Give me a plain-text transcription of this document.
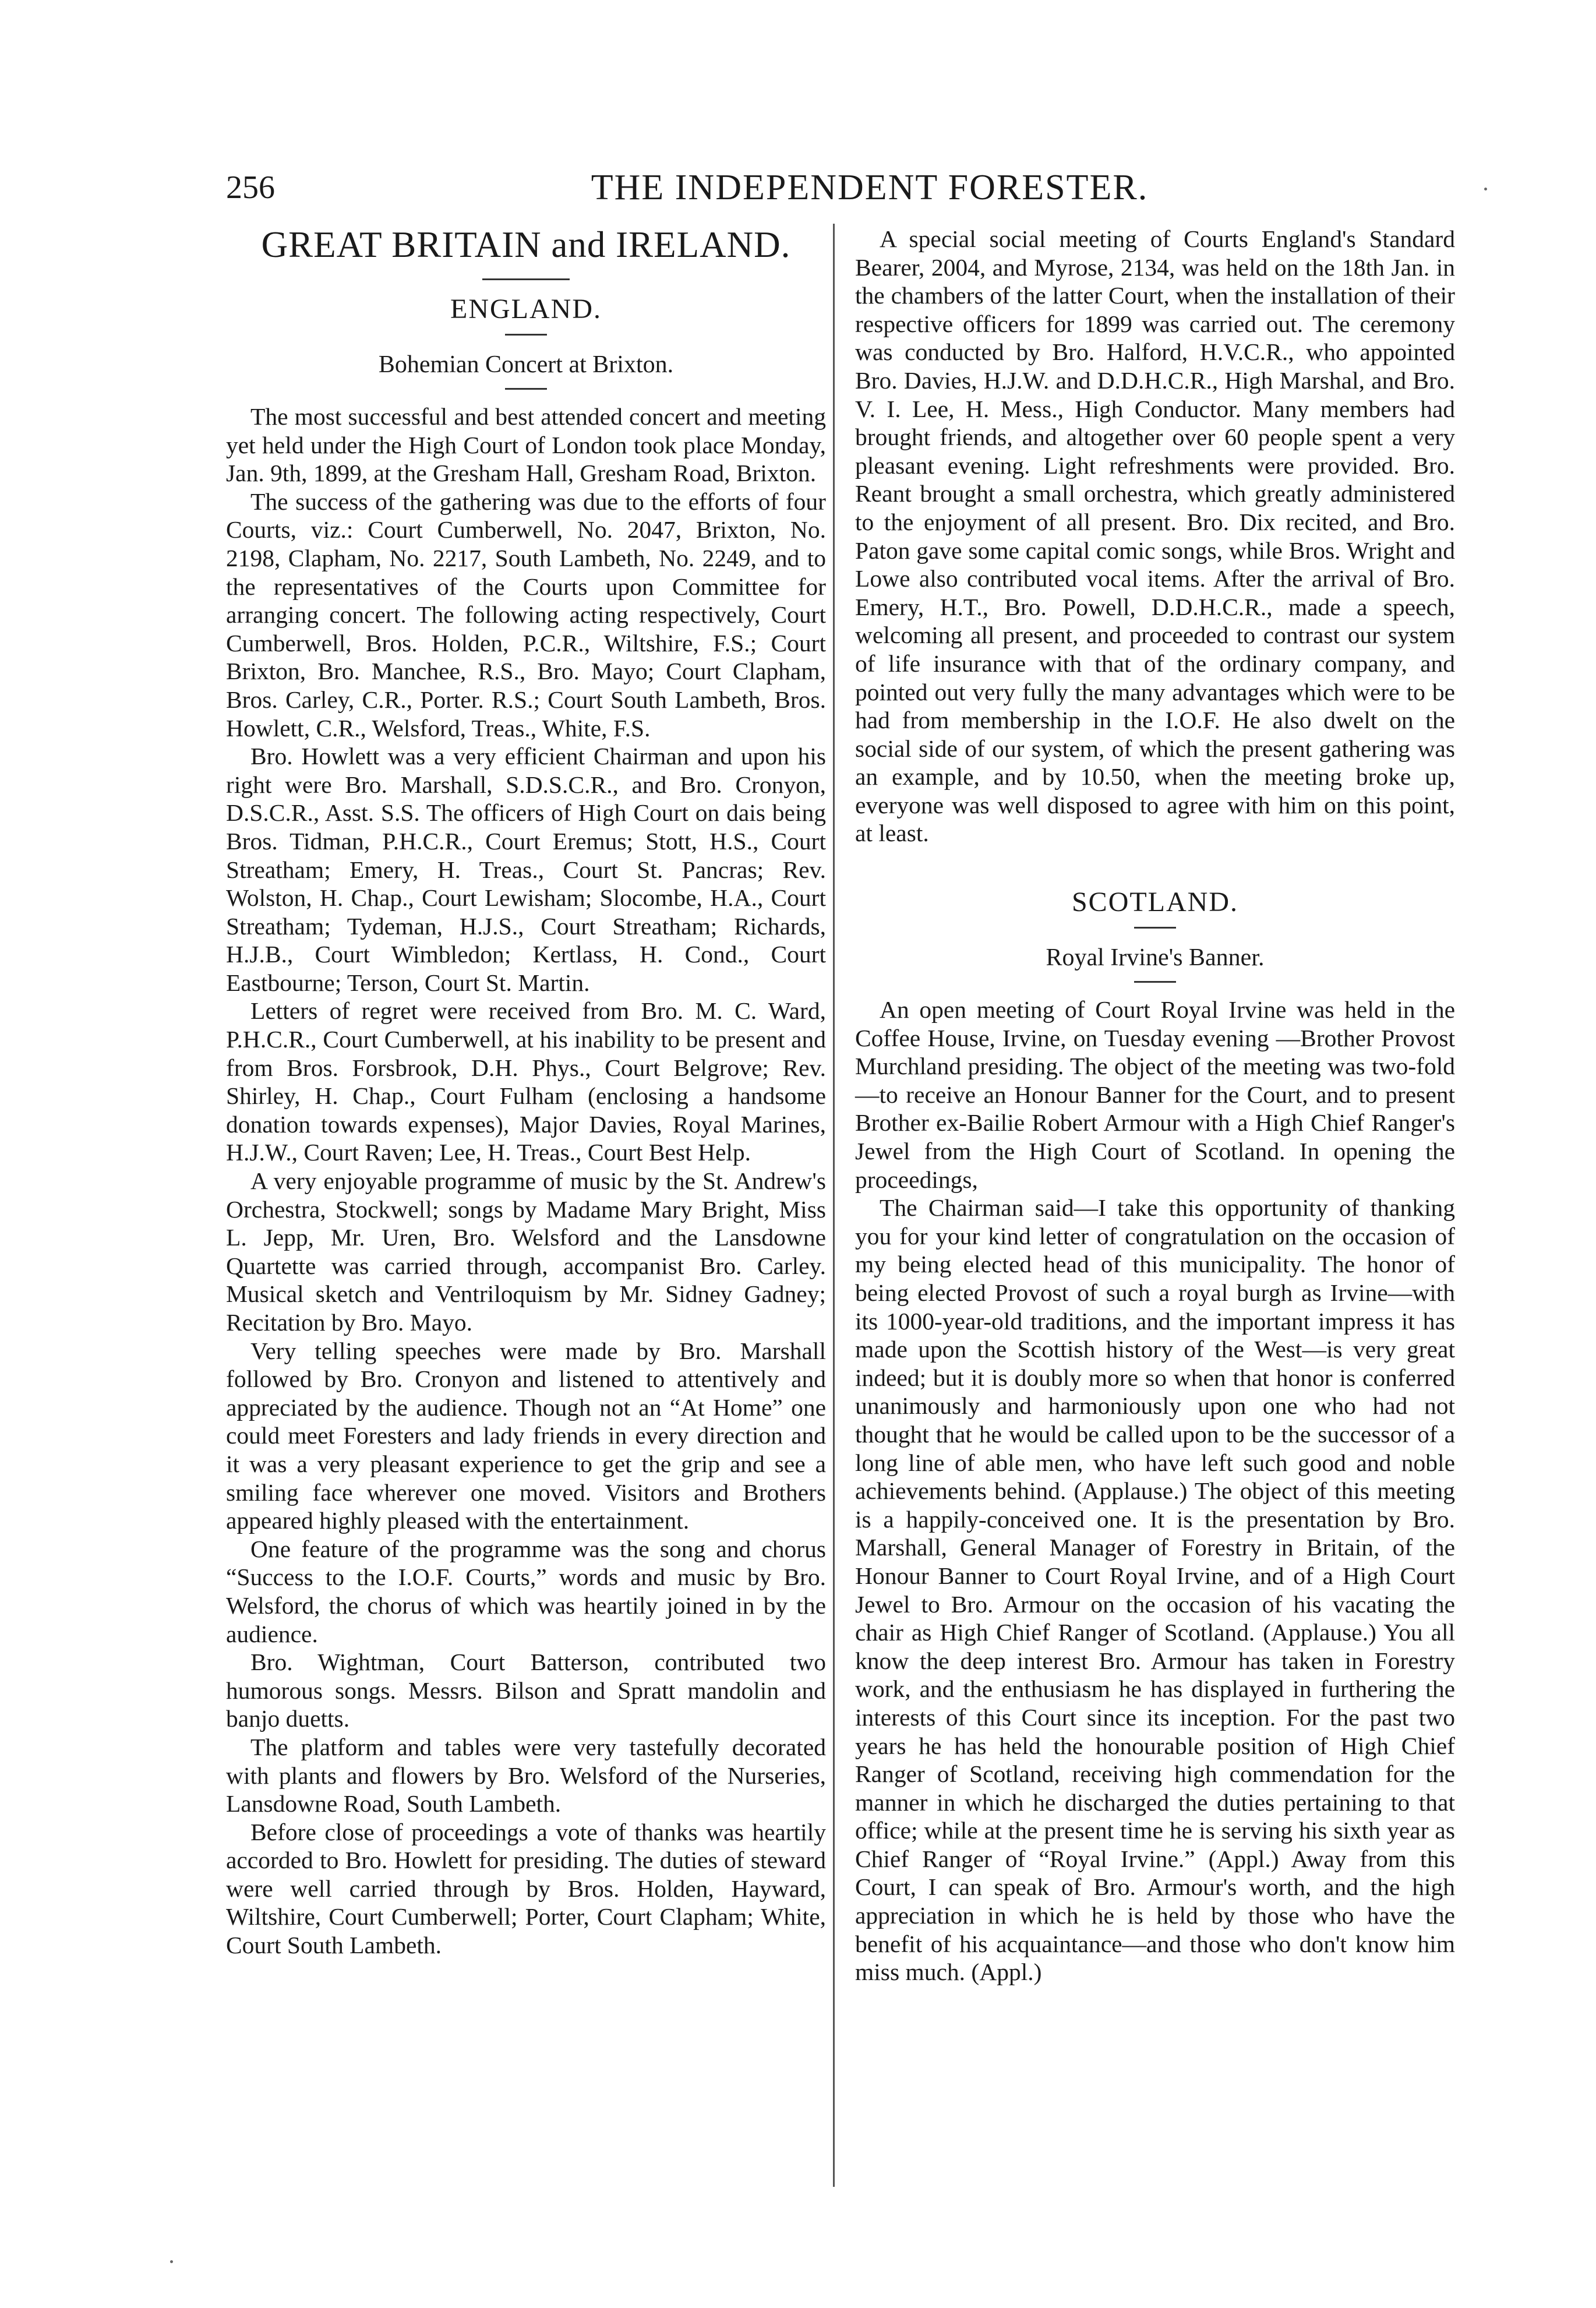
256	THE INDEPENDENT FORESTER.
GREAT BRITAIN and IRELAND.
ENGLAND.
Bohemian Concert at Brixton.

The most successful and best attended concert and meeting yet held under the High Court of London took place Monday, Jan. 9th, 1899, at the Gresham Hall, Gresham Road, Brixton.

The success of the gathering was due to the efforts of four Courts, viz.: Court Cumberwell, No. 2047, Brixton, No. 2198, Clapham, No. 2217, South Lambeth, No. 2249, and to the representatives of the Courts upon Committee for arranging concert. The following acting respectively, Court Cumberwell, Bros. Holden, P.C.R., Wiltshire, F.S.; Court Brixton, Bro. Manchee, R.S., Bro. Mayo; Court Clapham, Bros. Carley, C.R., Porter. R.S.; Court South Lambeth, Bros. Howlett, C.R., Welsford, Treas., White, F.S.

Bro. Howlett was a very efficient Chairman and upon his right were Bro. Marshall, S.D.S.C.R., and Bro. Cronyon, D.S.C.R., Asst. S.S. The officers of High Court on dais being Bros. Tidman, P.H.C.R., Court Eremus; Stott, H.S., Court Streatham; Emery, H. Treas., Court St. Pancras; Rev. Wolston, H. Chap., Court Lewisham; Slocombe, H.A., Court Streatham; Tydeman, H.J.S., Court Streatham; Richards, H.J.B., Court Wimbledon; Kertlass, H. Cond., Court Eastbourne; Terson, Court St. Martin.

Letters of regret were received from Bro. M. C. Ward, P.H.C.R., Court Cumberwell, at his inability to be present and from Bros. Forsbrook, D.H. Phys., Court Belgrove; Rev. Shirley, H. Chap., Court Fulham (enclosing a handsome donation towards expenses), Major Davies, Royal Marines, H.J.W., Court Raven; Lee, H. Treas., Court Best Help.

A very enjoyable programme of music by the St. Andrew's Orchestra, Stockwell; songs by Madame Mary Bright, Miss L. Jepp, Mr. Uren, Bro. Welsford and the Lansdowne Quartette was carried through, accompanist Bro. Carley. Musical sketch and Ventriloquism by Mr. Sidney Gadney; Recitation by Bro. Mayo.

Very telling speeches were made by Bro. Marshall followed by Bro. Cronyon and listened to attentively and appreciated by the audience. Though not an “At Home” one could meet Foresters and lady friends in every direction and it was a very pleasant experience to get the grip and see a smiling face wherever one moved. Visitors and Brothers appeared highly pleased with the entertainment.

One feature of the programme was the song and chorus “Success to the I.O.F. Courts,” words and music by Bro. Welsford, the chorus of which was heartily joined in by the audience.

Bro. Wightman, Court Batterson, contributed two humorous songs. Messrs. Bilson and Spratt mandolin and banjo duetts.

The platform and tables were very tastefully decorated with plants and flowers by Bro. Welsford of the Nurseries, Lansdowne Road, South Lambeth.

Before close of proceedings a vote of thanks was heartily accorded to Bro. Howlett for presiding. The duties of steward were well carried through by Bros. Holden, Hayward, Wiltshire, Court Cumberwell; Porter, Court Clapham; White, Court South Lambeth.

A special social meeting of Courts England's Standard Bearer, 2004, and Myrose, 2134, was held on the 18th Jan. in the chambers of the latter Court, when the installation of their respective officers for 1899 was carried out. The ceremony was conducted by Bro. Halford, H.V.C.R., who appointed Bro. Davies, H.J.W. and D.D.H.C.R., High Marshal, and Bro. V. I. Lee, H. Mess., High Conductor. Many members had brought friends, and altogether over 60 people spent a very pleasant evening. Light refreshments were provided. Bro. Reant brought a small orchestra, which greatly administered to the enjoyment of all present. Bro. Dix recited, and Bro. Paton gave some capital comic songs, while Bros. Wright and Lowe also contributed vocal items. After the arrival of Bro. Emery, H.T., Bro. Powell, D.D.H.C.R., made a speech, welcoming all present, and proceeded to contrast our system of life insurance with that of the ordinary company, and pointed out very fully the many advantages which were to be had from membership in the I.O.F. He also dwelt on the social side of our system, of which the present gathering was an example, and by 10.50, when the meeting broke up, everyone was well disposed to agree with him on this point, at least.

SCOTLAND.
Royal Irvine's Banner.

An open meeting of Court Royal Irvine was held in the Coffee House, Irvine, on Tuesday evening —Brother Provost Murchland presiding. The object of the meeting was two-fold—to receive an Honour Banner for the Court, and to present Brother ex-Bailie Robert Armour with a High Chief Ranger's Jewel from the High Court of Scotland. In opening the proceedings,

The Chairman said—I take this opportunity of thanking you for your kind letter of congratulation on the occasion of my being elected head of this municipality. The honor of being elected Provost of such a royal burgh as Irvine—with its 1000-year-old traditions, and the important impress it has made upon the Scottish history of the West—is very great indeed; but it is doubly more so when that honor is conferred unanimously and harmoniously upon one who had not thought that he would be called upon to be the successor of a long line of able men, who have left such good and noble achievements behind. (Applause.) The object of this meeting is a happily-conceived one. It is the presentation by Bro. Marshall, General Manager of Forestry in Britain, of the Honour Banner to Court Royal Irvine, and of a High Court Jewel to Bro. Armour on the occasion of his vacating the chair as High Chief Ranger of Scotland. (Applause.) You all know the deep interest Bro. Armour has taken in Forestry work, and the enthusiasm he has displayed in furthering the interests of this Court since its inception. For the past two years he has held the honourable position of High Chief Ranger of Scotland, receiving high commendation for the manner in which he discharged the duties pertaining to that office; while at the present time he is serving his sixth year as Chief Ranger of “Royal Irvine.” (Appl.) Away from this Court, I can speak of Bro. Armour's worth, and the high appreciation in which he is held by those who have the benefit of his acquaintance—and those who don't know him miss much. (Appl.)
